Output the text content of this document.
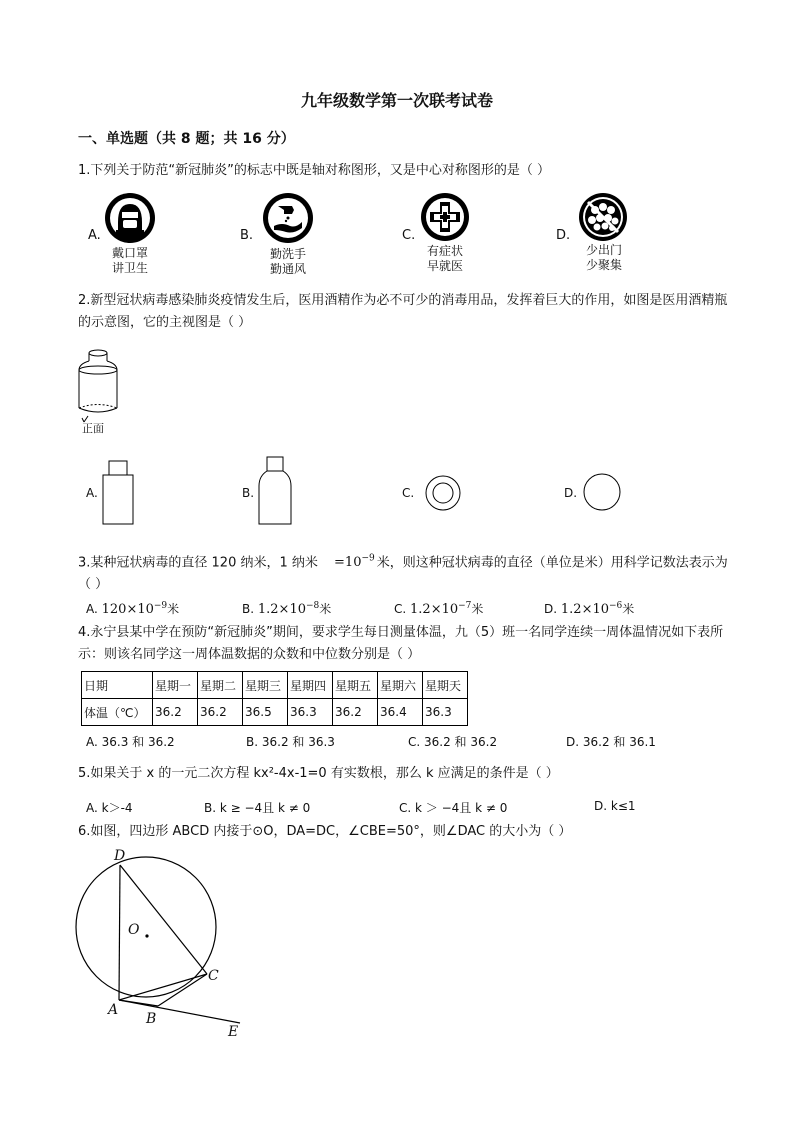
九年级数学第一次联考试卷
一、单选题（共 8 题；共 16 分）
1.下列关于防范“新冠肺炎”的标志中既是轴对称图形，又是中心对称图形的是（ ）
A.
戴口罩
讲卫生
B.
勤洗手
勤通风
C.
有症状
早就医
D.
少出门
少聚集
2.新型冠状病毒感染肺炎疫情发生后，医用酒精作为必不可少的消毒用品，发挥着巨大的作用，如图是医用酒精瓶的示意图，它的主视图是（ ）
正面
A.	B.	C.	D.
3.某种冠状病毒的直径 120 纳米，1 纳米 $=10^{-9}$ 米，则这种冠状病毒的直径（单位是米）用科学记数法表示为（ ）
A. $120\times 10^{-9}$米	B. $1.2\times 10^{-8}$米	C. $1.2\times 10^{-7}$米	D. $1.2\times 10^{-6}$米
4.永宁县某中学在预防“新冠肺炎”期间，要求学生每日测量体温，九（5）班一名同学连续一周体温情况如下表所示：则该名同学这一周体温数据的众数和中位数分别是（ ）
日期	星期一	星期二	星期三	星期四	星期五	星期六	星期天
体温（℃）	36.2	36.2	36.5	36.3	36.2	36.4	36.3
A. 36.3 和 36.2	B. 36.2 和 36.3	C. 36.2 和 36.2	D. 36.2 和 36.1
5.如果关于 x 的一元二次方程 kx²-4x-1=0 有实数根，那么 k 应满足的条件是（ ）
A. k＞-4	B. k ≥ −4且 k ≠ 0	C. k ＞ −4且 k ≠ 0	D. k≤1
6.如图，四边形 ABCD 内接于⊙O，DA=DC，∠CBE=50°，则∠DAC 的大小为（ ）
D
O
C
A
B
E
